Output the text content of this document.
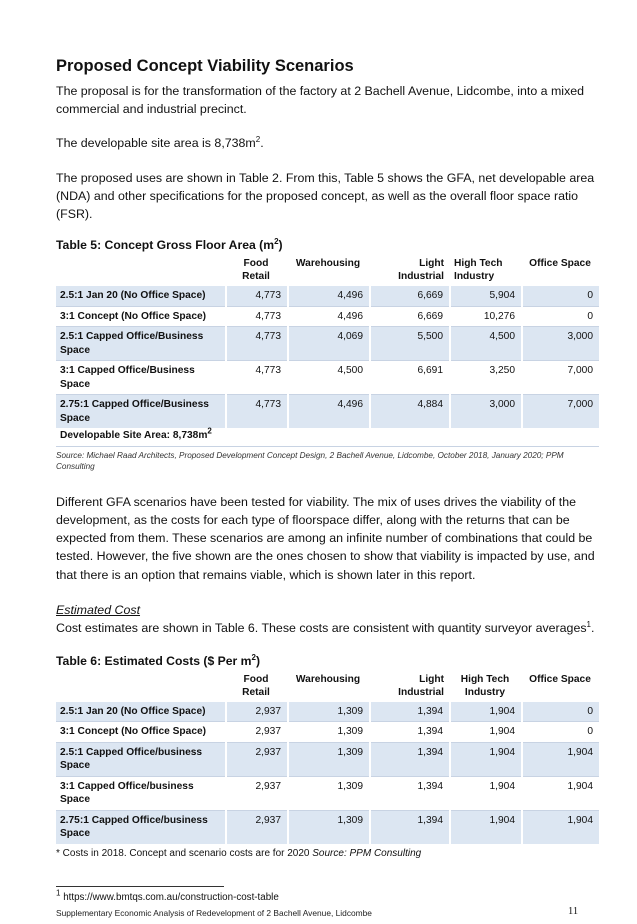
Proposed Concept Viability Scenarios

The proposal is for the transformation of the factory at 2 Bachell Avenue, Lidcombe, into a mixed commercial and industrial precinct.

The developable site area is $8,738m^2$.

The proposed uses are shown in Table 2. From this, Table 5 shows the GFA, net developable area (NDA) and other specifications for the proposed concept, as well as the overall floor space ratio (FSR).

Table 5: Concept Gross Floor Area $(m^2)$
	Food Retail	Warehousing	Light Industrial	High Tech Industry	Office Space
2.5:1 Jan 20 (No Office Space)	4,773	4,496	6,669	5,904	0
3:1 Concept (No Office Space)	4,773	4,496	6,669	10,276	0
2.5:1 Capped Office/Business Space	4,773	4,069	5,500	4,500	3,000
3:1 Capped Office/Business Space	4,773	4,500	6,691	3,250	7,000
2.75:1 Capped Office/Business Space	4,773	4,496	4,884	3,000	7,000
Developable Site Area: $8,738m^2$

Source: Michael Raad Architects, Proposed Development Concept Design, 2 Bachell Avenue, Lidcombe, October 2018, January 2020; PPM Consulting

Different GFA scenarios have been tested for viability. The mix of uses drives the viability of the development, as the costs for each type of floorspace differ, along with the returns that can be expected from them. These scenarios are among an infinite number of combinations that could be tested. However, the five shown are the ones chosen to show that viability is impacted by use, and that there is an option that remains viable, which is shown later in this report.

Estimated Cost

Cost estimates are shown in Table 6. These costs are consistent with quantity surveyor averages$^1$.

Table 6: Estimated Costs ($ Per $m^2$)
	Food Retail	Warehousing	Light Industrial	High Tech Industry	Office Space
2.5:1 Jan 20 (No Office Space)	2,937	1,309	1,394	1,904	0
3:1 Concept (No Office Space)	2,937	1,309	1,394	1,904	0
2.5:1 Capped Office/business Space	2,937	1,309	1,394	1,904	1,904
3:1 Capped Office/business Space	2,937	1,309	1,394	1,904	1,904
2.75:1 Capped Office/business Space	2,937	1,309	1,394	1,904	1,904
* Costs in 2018. Concept and scenario costs are for 2020 Source: PPM Consulting
$^1$ https://www.bmtqs.com.au/construction-cost-table
Supplementary Economic Analysis of Redevelopment of 2 Bachell Avenue, Lidcombe	11
